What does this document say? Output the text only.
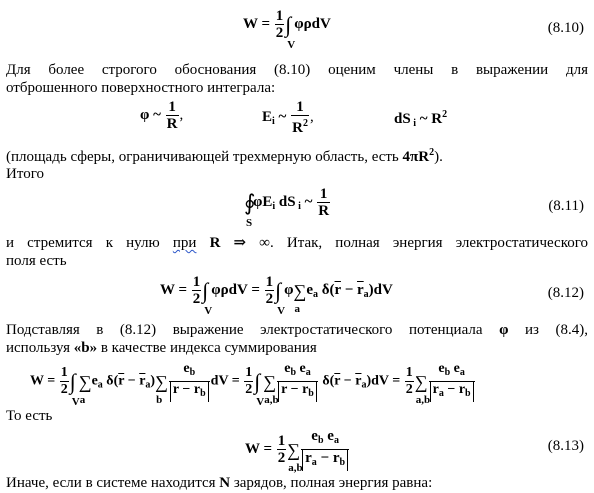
$W = \frac{1}{2}$ ∫
V
φρdV	(8.10)
Для более строгого обоснования (8.10) оценим члены в выражении для
отброшенного поверхностного интеграла:
φ ~ $\frac{1}{R}$ ,	$E_i$ ~ $\frac{1}{R^2}$ ,	dS $_i$ ~ $R^2$
(площадь сферы, ограничивающей трехмерную область, есть $4\pi R^2$).
Итого
∮
S
$\varphi E_i$ dS $_i$ ~ $\frac{1}{R}$	(8.11)
и стремится к нулю при R ⇒ ∞. Итак, полная энергия электростатического
поля есть
$W = \frac{1}{2}$ ∫
V
$\varphi\rho dV = \frac{1}{2}$ ∫
V
φ∑
a
$e_a$ $\delta(\overline{r} - \overline{r}_a)dV$	(8.12)
Подставляя в (8.12) выражение электростатического потенциала φ из (8.4),
используя «b» в качестве индекса суммирования
$W = \frac{1}{2}$ ∫
V
∑
a
$e_a$ $\delta(\overline{r} - \overline{r}_a)\sum$
b $\frac{e_b}{\overline{r} - \overline{r}_b}$ dV = $\frac{1}{2}$ ∫
V
∑
a,b
$\frac{e_b e_a}{\overline{r} - \overline{r}_b} \delta(\overline{r} - \overline{r}_a)dV = \frac{1}{2}$ ∑
a,b
$\frac{e_b e_a}{\overline{r}_a - \overline{r}_b}$
То есть
$W = \frac{1}{2}$ ∑
a,b
$\frac{e_b e_a}{\overline{r}_a - \overline{r}_b}$	(8.13)
Иначе, если в системе находится N зарядов, полная энергия равна:
